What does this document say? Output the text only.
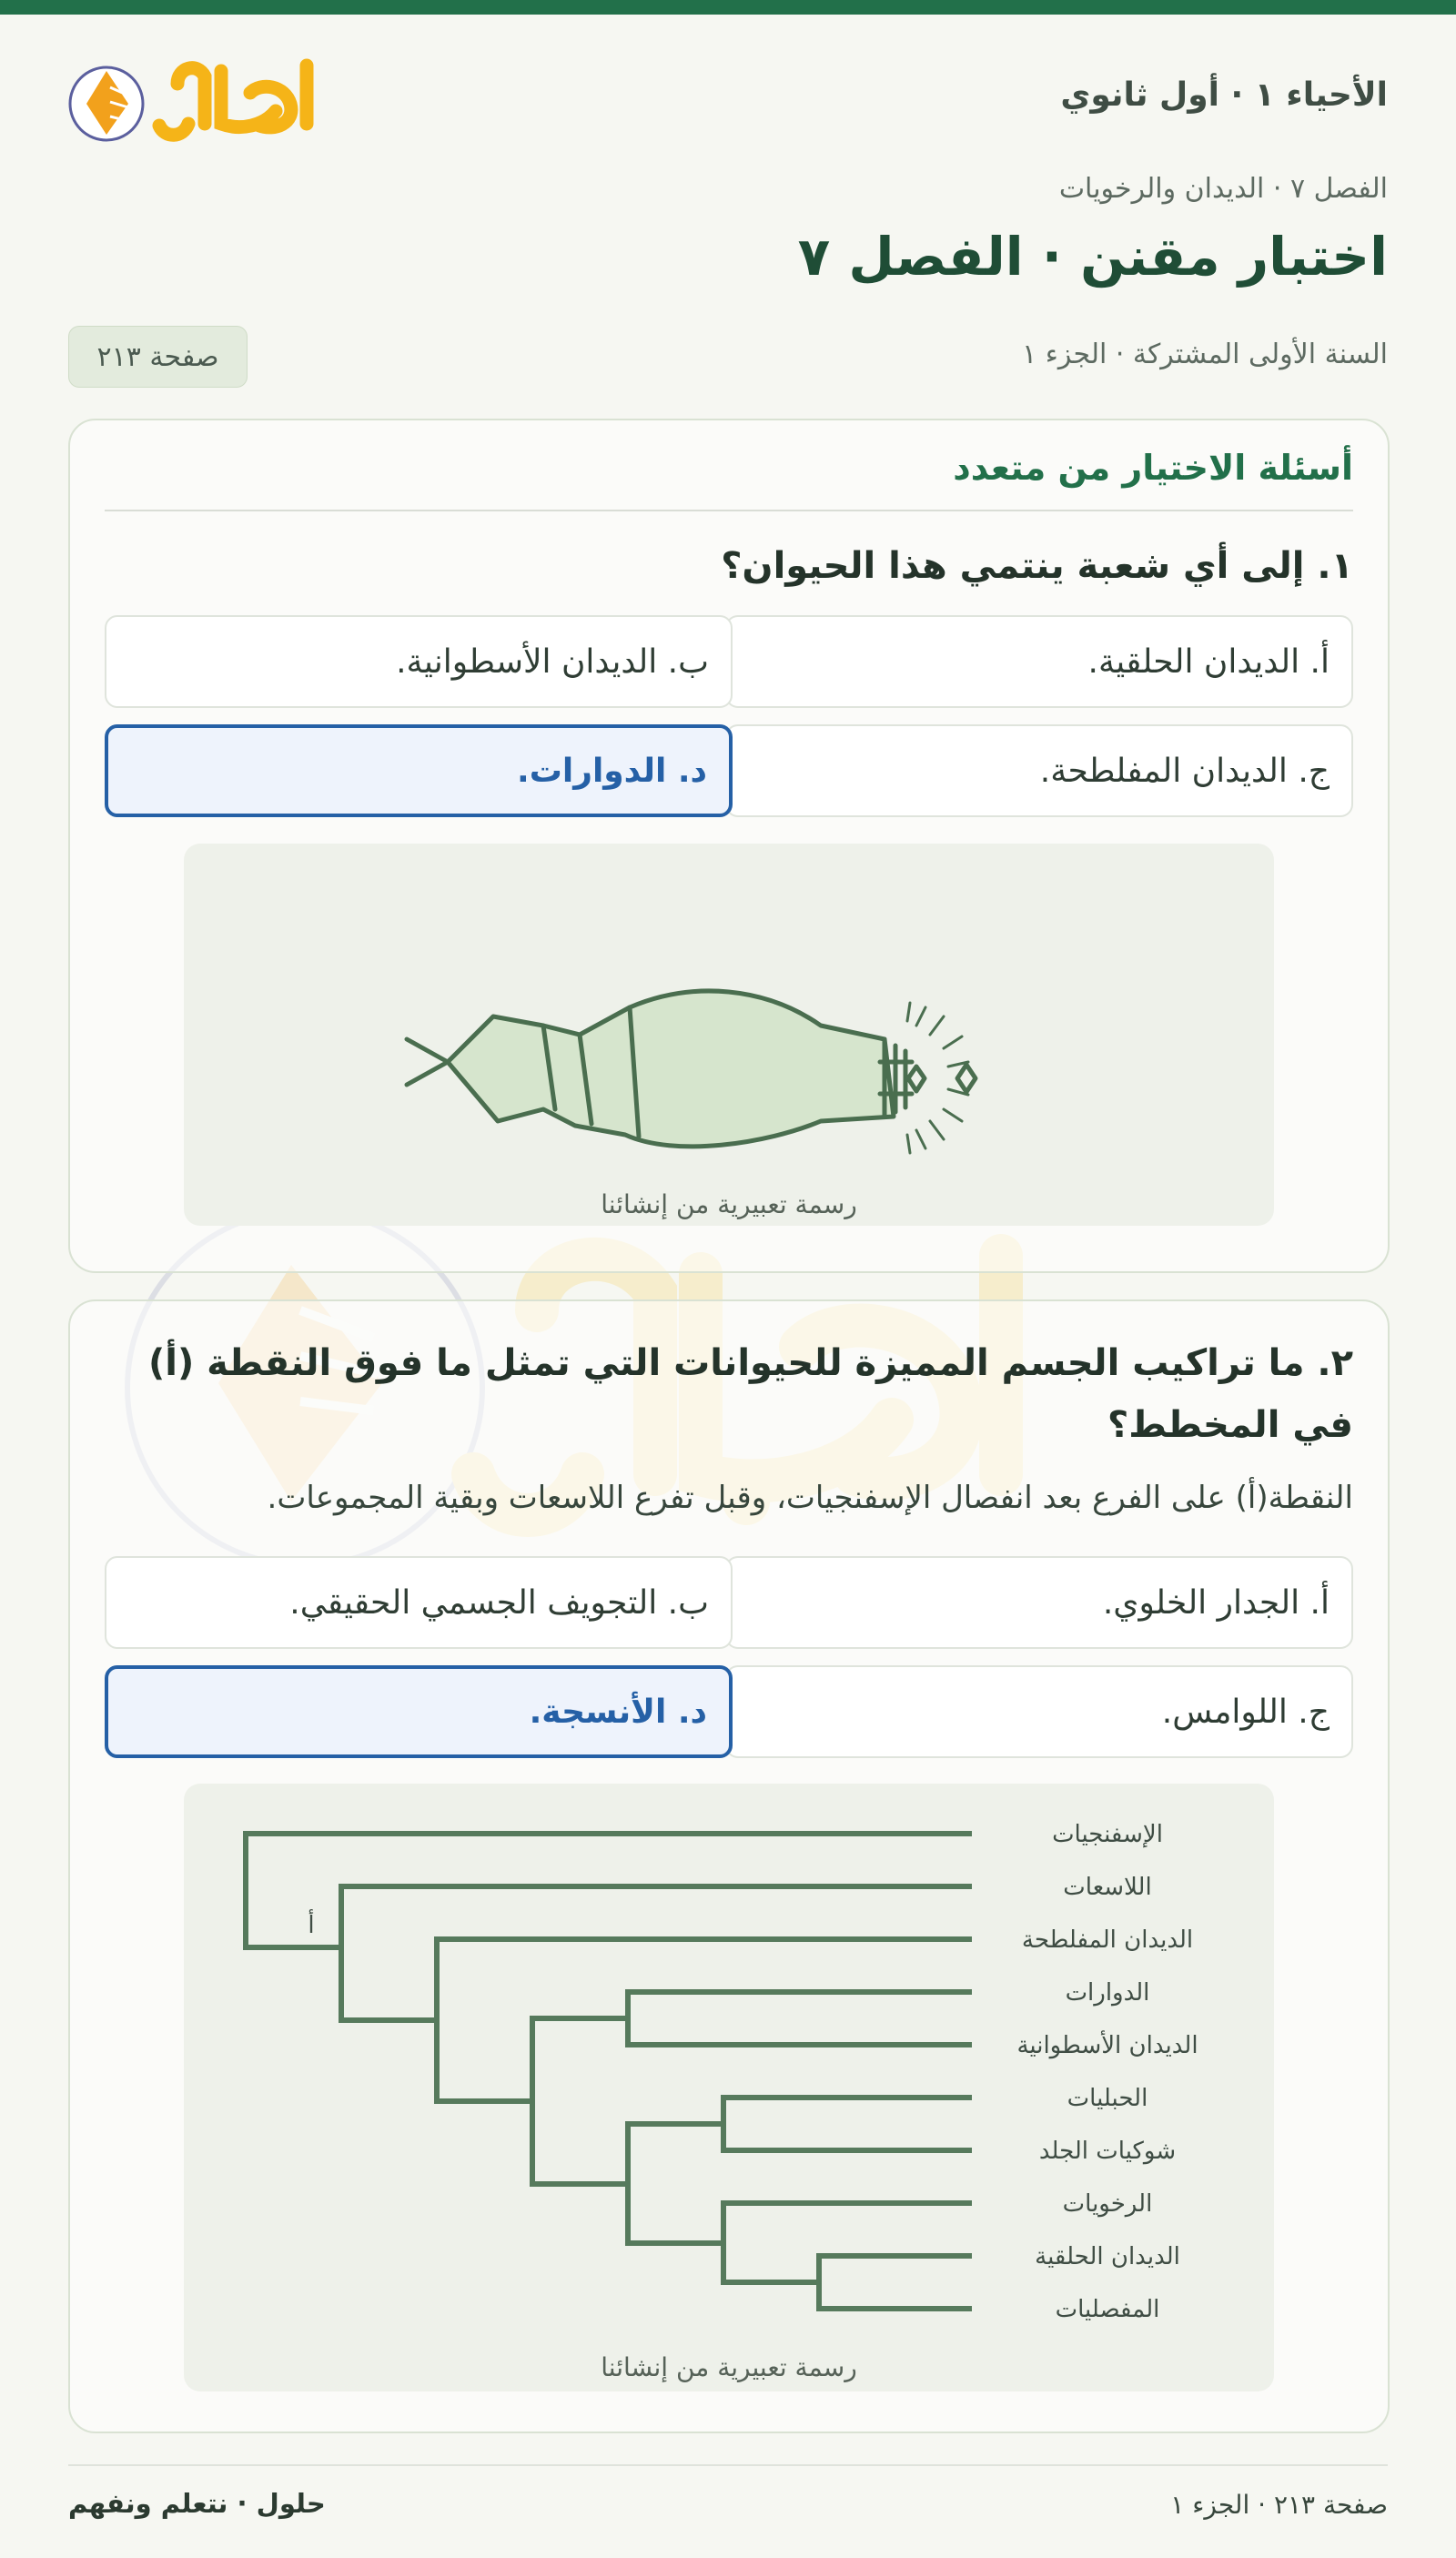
الأحياء ١ · أول ثانوي
الفصل ٧ · الديدان والرخويات
اختبار مقنن · الفصل ٧
السنة الأولى المشتركة · الجزء ١
صفحة ٢١٣
أسئلة الاختيار من متعدد
١. إلى أي شعبة ينتمي هذا الحيوان؟
أ. الديدان الحلقية.
ب. الديدان الأسطوانية.
ج. الديدان المفلطحة.
د. الدوارات.
رسمة تعبيرية من إنشائنا
٢. ما تراكيب الجسم المميزة للحيوانات التي تمثل ما فوق النقطة (أ) في المخطط؟
النقطة(أ) على الفرع بعد انفصال الإسفنجيات، وقبل تفرع اللاسعات وبقية المجموعات.
أ. الجدار الخلوي.
ب. التجويف الجسمي الحقيقي.
ج. اللوامس.
د. الأنسجة.
أ
الإسفنجيات
اللاسعات
الديدان المفلطحة
الدوارات
الديدان الأسطوانية
الحبليات
شوكيات الجلد
الرخويات
الديدان الحلقية
المفصليات
رسمة تعبيرية من إنشائنا
صفحة ٢١٣ · الجزء ١
حلول · نتعلم ونفهم
